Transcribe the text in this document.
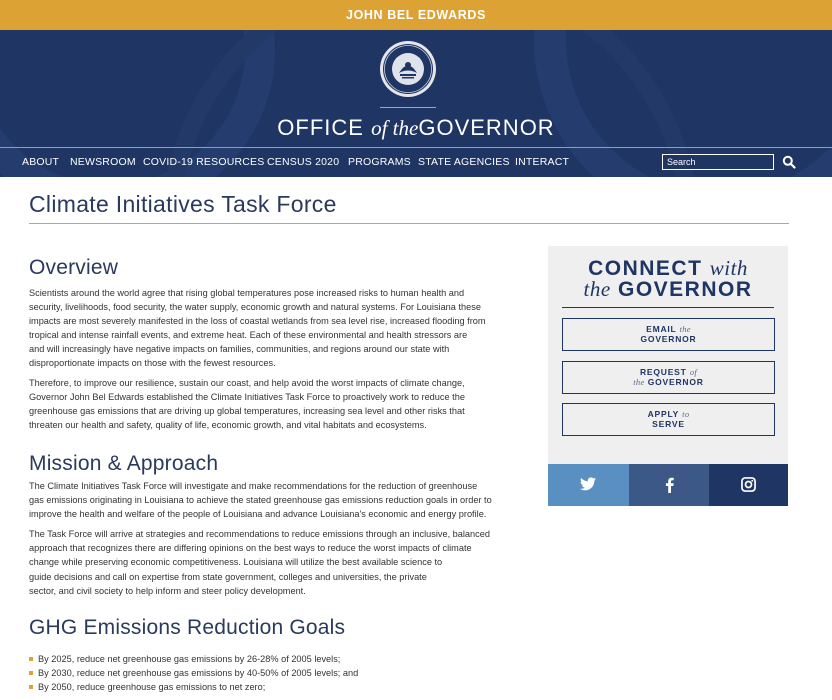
JOHN BEL EDWARDS
OFFICE of theGOVERNOR
ABOUT NEWSROOM COVID-19 RESOURCES CENSUS 2020 PROGRAMS STATE AGENCIES INTERACT
Search
Climate Initiatives Task Force
Overview
Scientists around the world agree that rising global temperatures pose increased risks to human health and
security, livelihoods, food security, the water supply, economic growth and natural systems. For Louisiana these
impacts are most severely manifested in the loss of coastal wetlands from sea level rise, increased flooding from
tropical and intense rainfall events, and extreme heat. Each of these environmental and health stressors are
and will increasingly have negative impacts on families, communities, and regions around our state with
disproportionate impacts on those with the fewest resources.
Therefore, to improve our resilience, sustain our coast, and help avoid the worst impacts of climate change,
Governor John Bel Edwards established the Climate Initiatives Task Force to proactively work to reduce the
greenhouse gas emissions that are driving up global temperatures, increasing sea level and other risks that
threaten our health and safety, quality of life, economic growth, and vital habitats and ecosystems.
Mission & Approach
The Climate Initiatives Task Force will investigate and make recommendations for the reduction of greenhouse
gas emissions originating in Louisiana to achieve the stated greenhouse gas emissions reduction goals in order to
improve the health and welfare of the people of Louisiana and advance Louisiana's economic and energy profile.
The Task Force will arrive at strategies and recommendations to reduce emissions through an inclusive, balanced
approach that recognizes there are differing opinions on the best ways to reduce the worst impacts of climate
change while preserving economic competitiveness. Louisiana will utilize the best available science to
guide decisions and call on expertise from state government, colleges and universities, the private
sector, and civil society to help inform and steer policy development.
GHG Emissions Reduction Goals
By 2025, reduce net greenhouse gas emissions by 26-28% of 2005 levels;
By 2030, reduce net greenhouse gas emissions by 40-50% of 2005 levels; and
By 2050, reduce greenhouse gas emissions to net zero;
CONNECT with
the GOVERNOR
EMAIL the
GOVERNOR
REQUEST of
the GOVERNOR
APPLY to
SERVE
